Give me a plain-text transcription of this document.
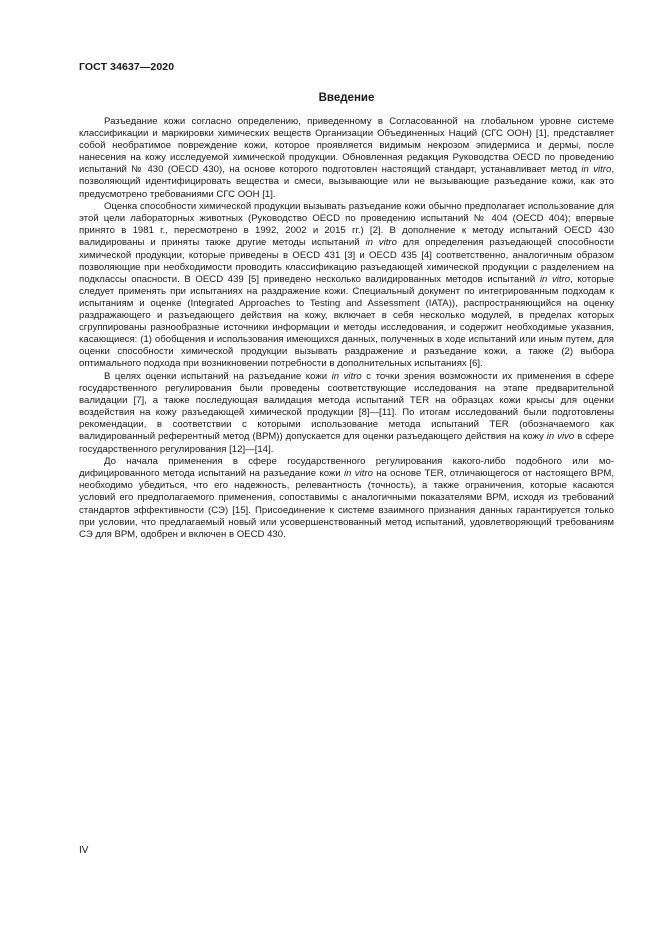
ГОСТ 34637—2020
Введение

Разъедание кожи согласно определению, приведенному в Согласованной на глобальном уровне системе классификации и маркировки химических веществ Организации Объединенных Наций (СГС ООН) [1], представляет собой необратимое повреждение кожи, которое проявляется видимым некрозом эпидермиса и дермы, после нанесения на кожу исследуемой химической продукции. Обновленная редакция Руководства OECD по проведению испытаний № 430 (OECD 430), на основе которого подготовлен настоящий стандарт, устанавливает метод in vitro, позволяющий идентифицировать вещества и смеси, вызывающие или не вызывающие разъедание кожи, как это предусмотрено требованиями СГС ООН [1].

Оценка способности химической продукции вызывать разъедание кожи обычно предполагает использование для этой цели лабораторных животных (Руководство OECD по проведению испытаний № 404 (OECD 404); впервые принято в 1981 г., пересмотрено в 1992, 2002 и 2015 гг.) [2]. В дополнение к методу испытаний OECD 430 валидированы и приняты также другие методы испытаний in vitro для определения разъедающей способности химической продукции, которые приведены в OECD 431 [3] и OECD 435 [4] соответственно, аналогичным образом позволяющие при необходимости проводить классификацию разъедающей химической продукции с разделением на подклассы опасности. В OECD 439 [5] приведено несколько валидированных методов испытаний in vitro, которые следует применять при испытаниях на раздражение кожи. Специальный документ по интегрированным подходам к испытаниям и оценке (Integrated Approaches to Testing and Assessment (IATA)), распространяющийся на оценку раздражающего и разъедающего действия на кожу, включает в себя несколько модулей, в пределах которых сгруппированы разнообразные источники информации и методы исследования, и содержит необходимые указания, касающиеся: (1) обобщения и использования имеющихся данных, полученных в ходе испытаний или иным путем, для оценки способности химической продукции вызывать раздражение и разъедание кожи, а также (2) выбора оптимального подхода при возникновении потребности в дополнительных испытаниях [6].

В целях оценки испытаний на разъедание кожи in vitro с точки зрения возможности их применения в сфере государственного регулирования были проведены соответствующие исследования на этапе предварительной валидации [7], а также последующая валидация метода испытаний TER на образцах кожи крысы для оценки воздействия на кожу разъедающей химической продукции [8]—[11]. По итогам исследований были подготовлены рекомендации, в соответствии с которыми использование метода испытаний TER (обозначаемого как валидированный референтный метод (ВРМ)) допускается для оценки разъедающего действия на кожу in vivo в сфере государственного регулирования [12]—[14].

До начала применения в сфере государственного регулирования какого-либо подобного или модифицированного метода испытаний на разъедание кожи in vitro на основе TER, отличающегося от настоящего ВРМ, необходимо убедиться, что его надежность, релевантность (точность), а также ограничения, которые касаются условий его предполагаемого применения, сопоставимы с аналогичными показателями ВРМ, исходя из требований стандартов эффективности (СЭ) [15]. Присоединение к системе взаимного признания данных гарантируется только при условии, что предлагаемый новый или усовершенствованный метод испытаний, удовлетворяющий требованиям СЭ для ВРМ, одобрен и включен в OECD 430.

IV
